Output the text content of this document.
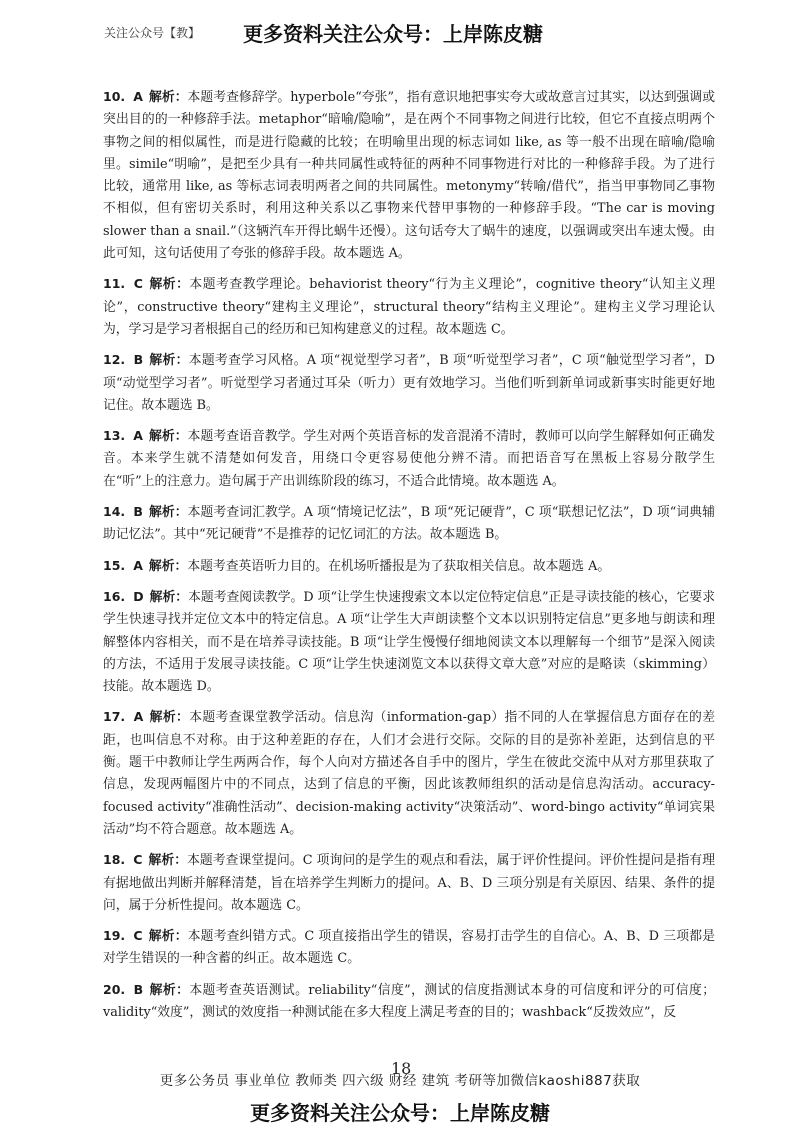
关注公众号【教】 更多资料关注公众号：上岸陈皮糖

10. A 解析：本题考查修辞学。hyperbole“夸张”，指有意识地把事实夸大或故意言过其实，以达到强调或突出目的的一种修辞手法。metaphor“暗喻/隐喻”，是在两个不同事物之间进行比较，但它不直接点明两个事物之间的相似属性，而是进行隐藏的比较；在明喻里出现的标志词如 like, as 等一般不出现在暗喻/隐喻里。simile“明喻”，是把至少具有一种共同属性或特征的两种不同事物进行对比的一种修辞手段。为了进行比较，通常用 like, as 等标志词表明两者之间的共同属性。metonymy“转喻/借代”，指当甲事物同乙事物不相似，但有密切关系时，利用这种关系以乙事物来代替甲事物的一种修辞手段。“The car is moving slower than a snail.”（这辆汽车开得比蜗牛还慢）。这句话夸大了蜗牛的速度，以强调或突出车速太慢。由此可知，这句话使用了夸张的修辞手段。故本题选 A。

11. C 解析：本题考查教学理论。behaviorist theory“行为主义理论”，cognitive theory“认知主义理论”，constructive theory“建构主义理论”，structural theory“结构主义理论”。建构主义学习理论认为，学习是学习者根据自己的经历和已知构建意义的过程。故本题选 C。

12. B 解析：本题考查学习风格。A 项“视觉型学习者”，B 项“听觉型学习者”，C 项“触觉型学习者”，D 项“动觉型学习者”。听觉型学习者通过耳朵（听力）更有效地学习。当他们听到新单词或新事实时能更好地记住。故本题选 B。

13. A 解析：本题考查语音教学。学生对两个英语音标的发音混淆不清时，教师可以向学生解释如何正确发音。本来学生就不清楚如何发音，用绕口令更容易使他分辨不清。而把语音写在黑板上容易分散学生在“听”上的注意力。造句属于产出训练阶段的练习，不适合此情境。故本题选 A。

14. B 解析：本题考查词汇教学。A 项“情境记忆法”，B 项“死记硬背”，C 项“联想记忆法”，D 项“词典辅助记忆法”。其中“死记硬背”不是推荐的记忆词汇的方法。故本题选 B。

15. A 解析：本题考查英语听力目的。在机场听播报是为了获取相关信息。故本题选 A。

16. D 解析：本题考查阅读教学。D 项“让学生快速搜索文本以定位特定信息”正是寻读技能的核心，它要求学生快速寻找并定位文本中的特定信息。A 项“让学生大声朗读整个文本以识别特定信息”更多地与朗读和理解整体内容相关，而不是在培养寻读技能。B 项“让学生慢慢仔细地阅读文本以理解每一个细节”是深入阅读的方法，不适用于发展寻读技能。C 项“让学生快速浏览文本以获得文章大意”对应的是略读（skimming）技能。故本题选 D。

17. A 解析：本题考查课堂教学活动。信息沟（information-gap）指不同的人在掌握信息方面存在的差距，也叫信息不对称。由于这种差距的存在，人们才会进行交际。交际的目的是弥补差距，达到信息的平衡。题干中教师让学生两两合作，每个人向对方描述各自手中的图片，学生在彼此交流中从对方那里获取了信息，发现两幅图片中的不同点，达到了信息的平衡，因此该教师组织的活动是信息沟活动。accuracy-focused activity“准确性活动”、decision-making activity“决策活动”、word-bingo activity“单词宾果活动”均不符合题意。故本题选 A。

18. C 解析：本题考查课堂提问。C 项询问的是学生的观点和看法，属于评价性提问。评价性提问是指有理有据地做出判断并解释清楚，旨在培养学生判断力的提问。A、B、D 三项分别是有关原因、结果、条件的提问，属于分析性提问。故本题选 C。

19. C 解析：本题考查纠错方式。C 项直接指出学生的错误，容易打击学生的自信心。A、B、D 三项都是对学生错误的一种含蓄的纠正。故本题选 C。

20. B 解析：本题考查英语测试。reliability“信度”，测试的信度指测试本身的可信度和评分的可信度；validity“效度”，测试的效度指一种测试能在多大程度上满足考查的目的；washback“反拨效应”，反

18
更多公务员 事业单位 教师类 四六级 财经 建筑 考研等加微信kaoshi887获取
更多资料关注公众号：上岸陈皮糖
